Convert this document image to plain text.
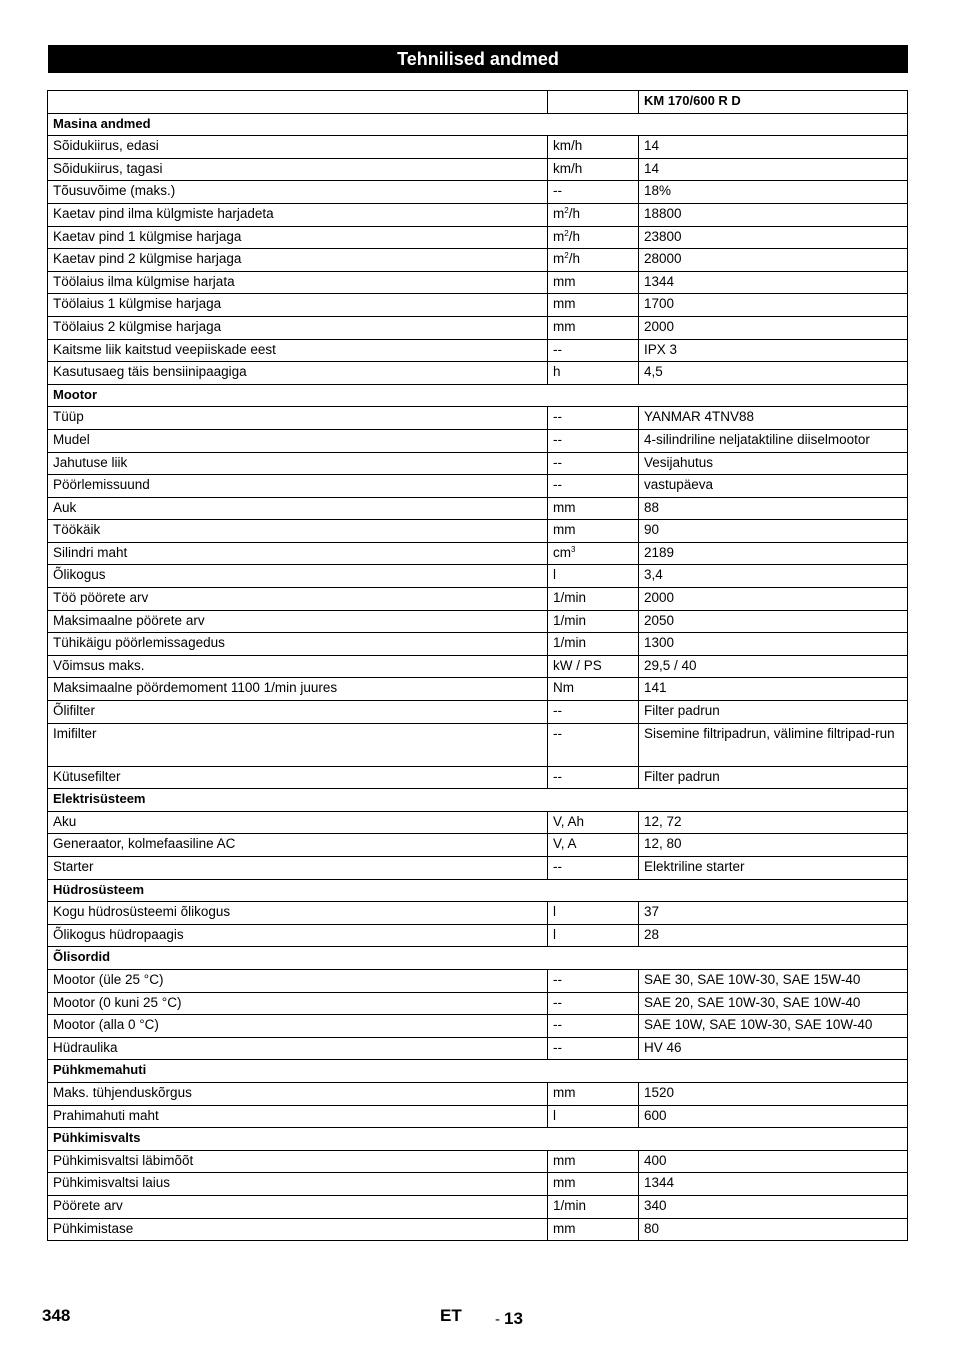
Tehnilised andmed
		KM 170/600 R D
Masina andmed		
Sõidukiirus, edasi	km/h	14
Sõidukiirus, tagasi	km/h	14
Tõusuvõime (maks.)	--	18%
Kaetav pind ilma külgmiste harjadeta	$m^2/h$	18800
Kaetav pind 1 külgmise harjaga	$m^2/h$	23800
Kaetav pind 2 külgmise harjaga	$m^2/h$	28000
Töölaius ilma külgmise harjata	mm	1344
Töölaius 1 külgmise harjaga	mm	1700
Töölaius 2 külgmise harjaga	mm	2000
Kaitsme liik kaitstud veepiiskade eest	--	IPX 3
Kasutusaeg täis bensiinipaagiga	h	4,5
Mootor		
Tüüp	--	YANMAR 4TNV88
Mudel	--	4-silindriline neljataktiline diiselmootor
Jahutuse liik	--	Vesijahutus
Pöörlemissuund	--	vastupäeva
Auk	mm	88
Töökäik	mm	90
Silindri maht	$cm^3$	2189
Õlikogus	l	3,4
Töö pöörete arv	1/min	2000
Maksimaalne pöörete arv	1/min	2050
Tühikäigu pöörlemissagedus	1/min	1300
Võimsus maks.	kW / PS	29,5 / 40
Maksimaalne pöördemoment 1100 1/min juures	Nm	141
Õlifilter	--	Filter padrun
Imifilter	--	Sisemine filtripadrun, välimine filtripad-run
Kütusefilter	--	Filter padrun
Elektrisüsteem		
Aku	V, Ah	12, 72
Generaator, kolmefaasiline AC	V, A	12, 80
Starter	--	Elektriline starter
Hüdrosüsteem		
Kogu hüdrosüsteemi õlikogus	l	37
Õlikogus hüdropaagis	l	28
Õlisordid		
Mootor (üle 25 °C)	--	SAE 30, SAE 10W-30, SAE 15W-40
Mootor (0 kuni 25 °C)	--	SAE 20, SAE 10W-30, SAE 10W-40
Mootor (alla 0 °C)	--	SAE 10W, SAE 10W-30, SAE 10W-40
Hüdraulika	--	HV 46
Pühkmemahuti		
Maks. tühjenduskõrgus	mm	1520
Prahimahuti maht	l	600
Pühkimisvalts		
Pühkimisvaltsi läbimõõt	mm	400
Pühkimisvaltsi laius	mm	1344
Pöörete arv	1/min	340
Pühkimistase	mm	80
348	ET - 13
